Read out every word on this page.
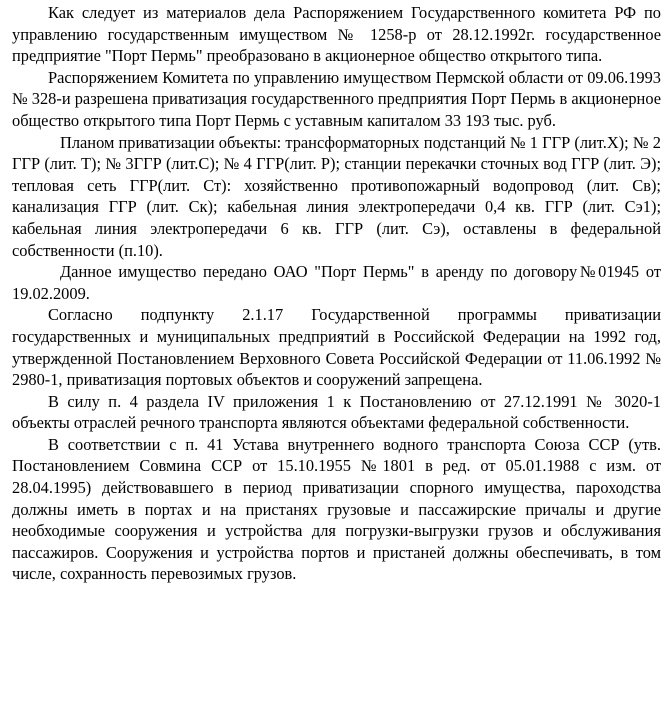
Как следует из материалов дела Распоряжением Государственного комитета РФ по управлению государственным имуществом № 1258-р от 28.12.1992г. государственное предприятие "Порт Пермь" преобразовано в акционерное общество открытого типа.

Распоряжением Комитета по управлению имуществом Пермской области от 09.06.1993 № 328-и разрешена приватизация государственного предприятия Порт Пермь в акционерное общество открытого типа Порт Пермь с уставным капиталом 33 193 тыс. руб.

Планом приватизации объекты: трансформаторных подстанций № 1 ГГР (лит.Х); № 2 ГГР (лит. Т); № 3ГГР (лит.С); № 4 ГГР(лит. Р); станции перекачки сточных вод ГГР (лит. Э); тепловая сеть ГГР(лит. Ст): хозяйственно противопожарный водопровод (лит. Св); канализация ГГР (лит. Ск); кабельная линия электропередачи 0,4 кв. ГГР (лит. Сэ1); кабельная линия электропередачи 6 кв. ГГР (лит. Сэ), оставлены в федеральной собственности (п.10).

Данное имущество передано ОАО "Порт Пермь" в аренду по договору№01945 от 19.02.2009.

Согласно подпункту 2.1.17 Государственной программы приватизации государственных и муниципальных предприятий в Российской Федерации на 1992 год, утвержденной Постановлением Верховного Совета Российской Федерации от 11.06.1992 № 2980-1, приватизация портовых объектов и сооружений запрещена.

В силу п. 4 раздела IV приложения 1 к Постановлению от 27.12.1991 № 3020-1 объекты отраслей речного транспорта являются объектами федеральной собственности.

В соответствии с п. 41 Устава внутреннего водного транспорта Союза ССР (утв. Постановлением Совмина ССР от 15.10.1955 №1801 в ред. от 05.01.1988 с изм. от 28.04.1995) действовавшего в период приватизации спорного имущества, пароходства должны иметь в портах и на пристанях грузовые и пассажирские причалы и другие необходимые сооружения и устройства для погрузки-выгрузки грузов и обслуживания пассажиров. Сооружения и устройства портов и пристаней должны обеспечивать, в том числе, сохранность перевозимых грузов.
